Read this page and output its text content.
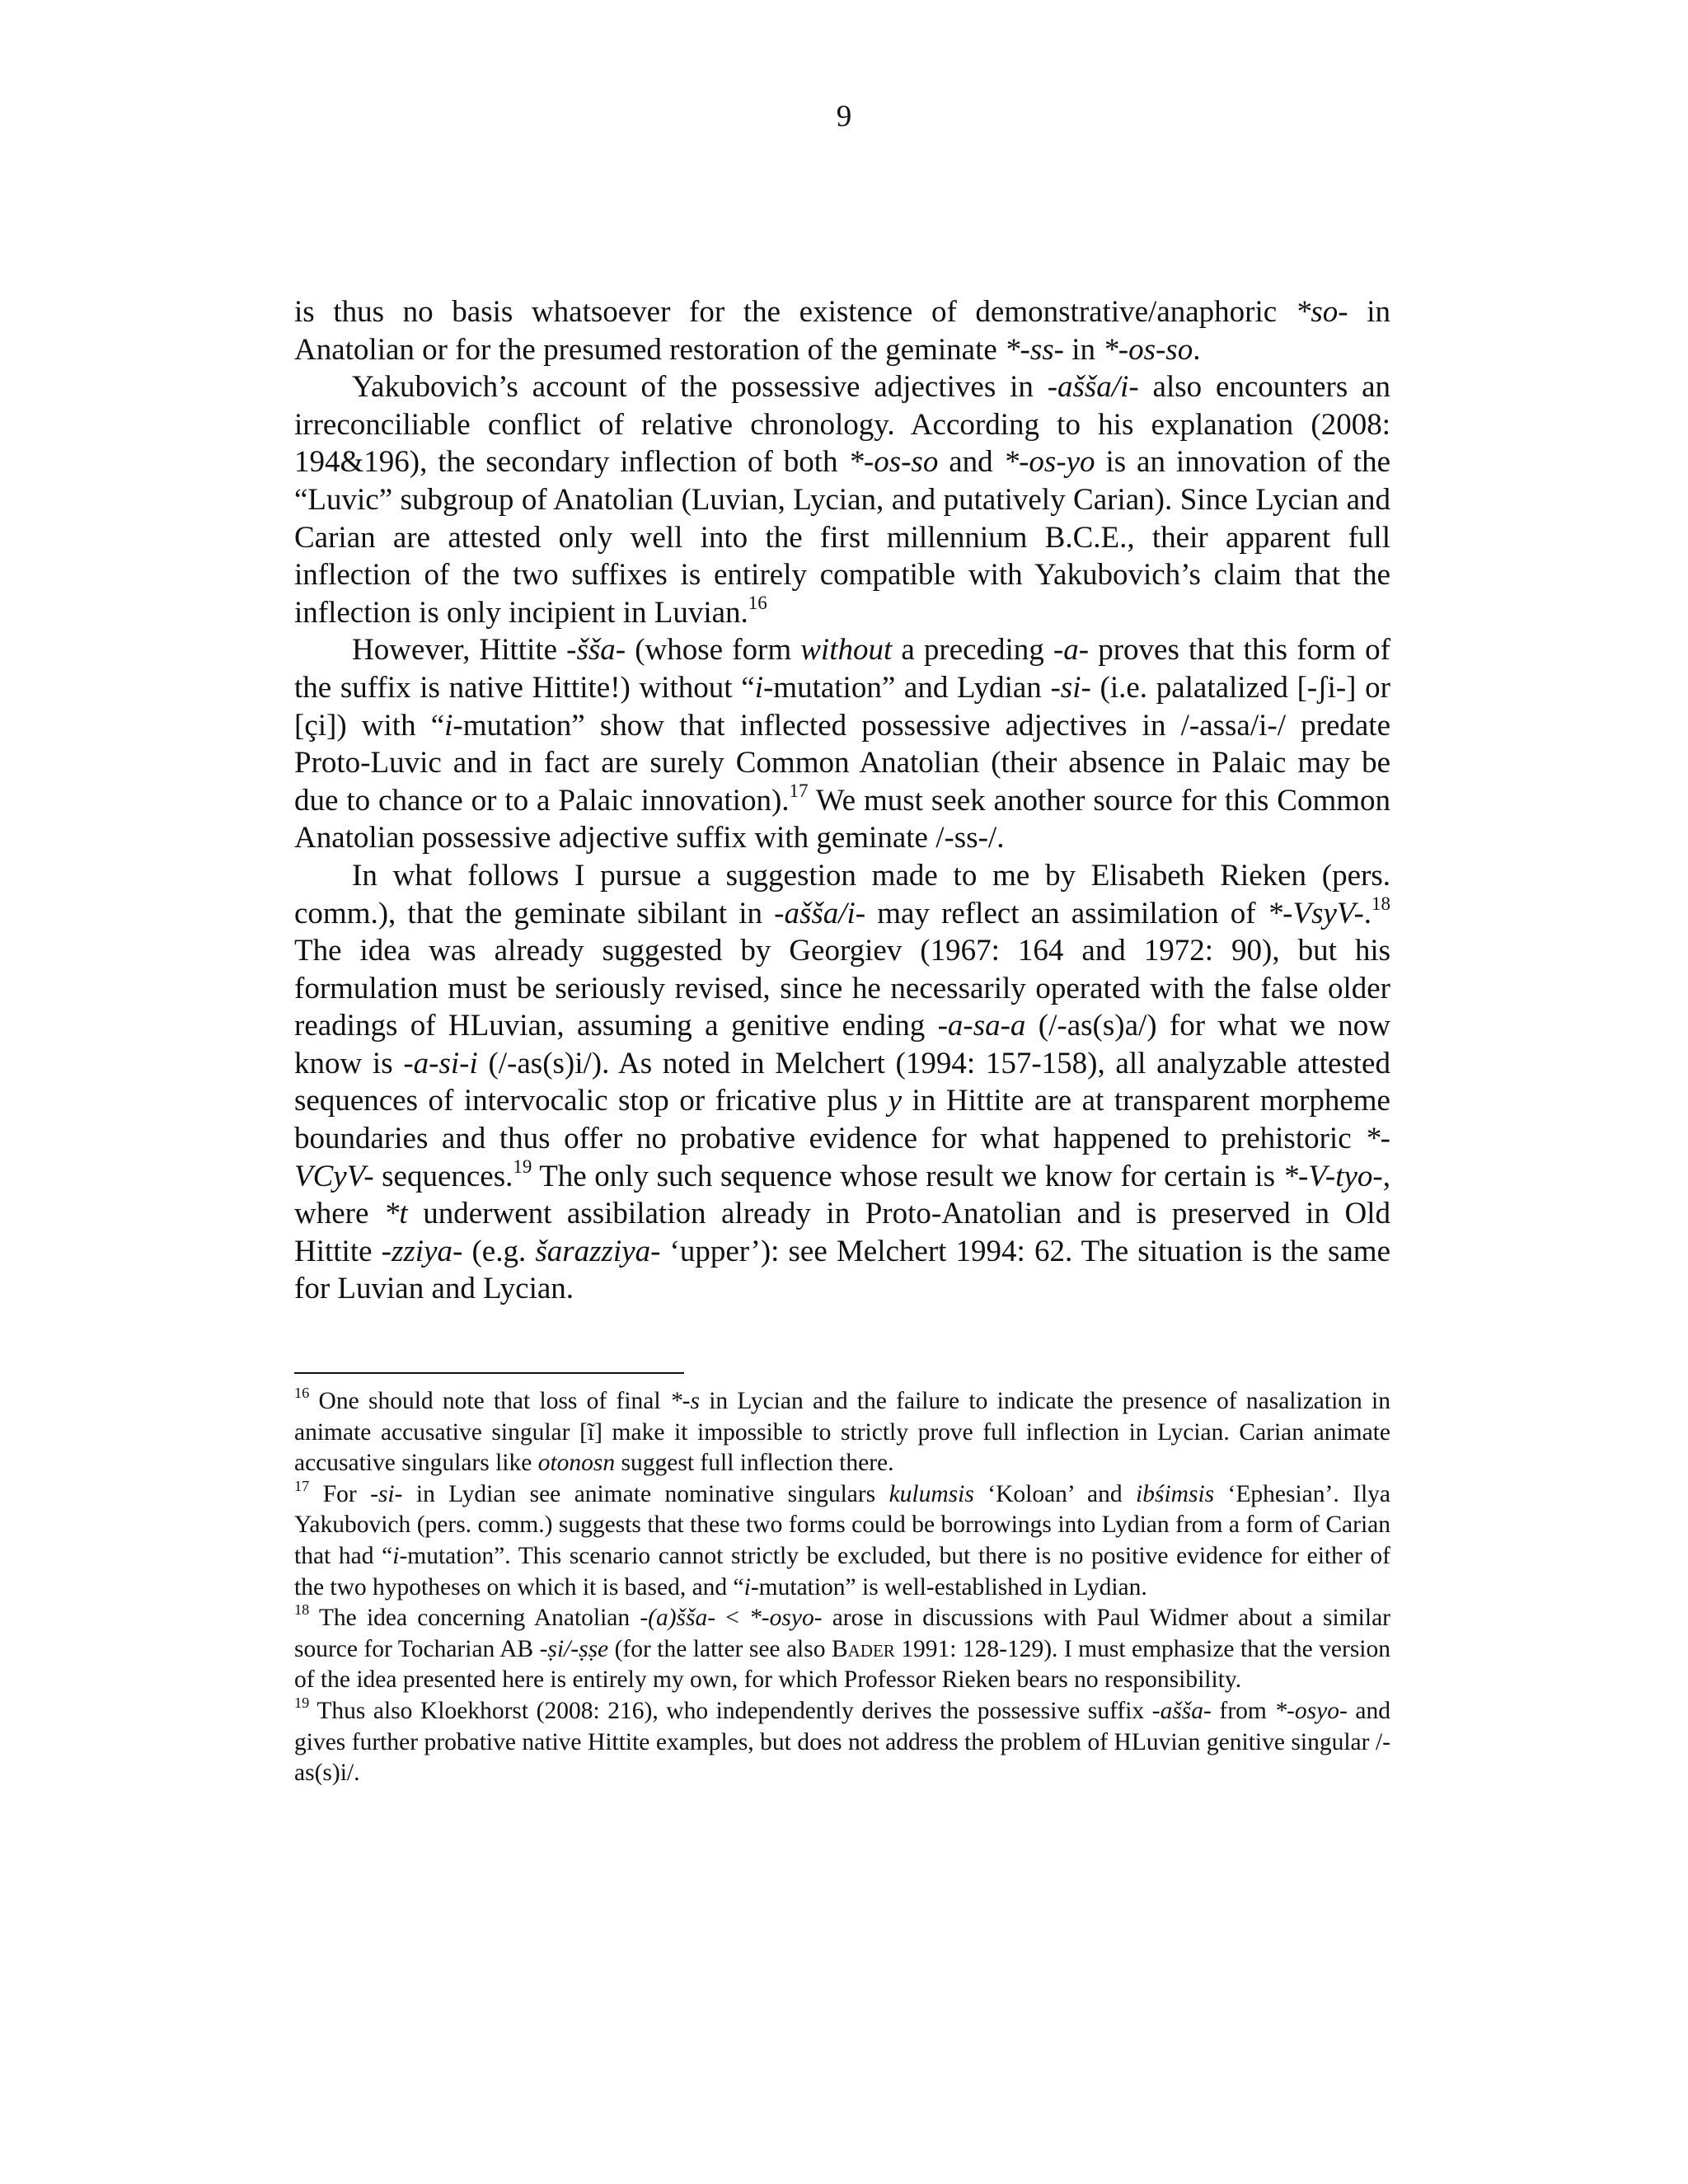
9

is thus no basis whatsoever for the existence of demonstrative/anaphoric *so- in Anatolian or for the presumed restoration of the geminate *-ss- in *-os-so.

Yakubovich’s account of the possessive adjectives in -ašša/i- also encounters an irreconciliable conflict of relative chronology. According to his explanation (2008: 194&196), the secondary inflection of both *-os-so and *-os-yo is an innovation of the “Luvic” subgroup of Anatolian (Luvian, Lycian, and putatively Carian). Since Lycian and Carian are attested only well into the first millennium B.C.E., their apparent full inflection of the two suffixes is entirely compatible with Yakubovich’s claim that the inflection is only incipient in Luvian.$^{16}$

However, Hittite -šša- (whose form without a preceding -a- proves that this form of the suffix is native Hittite!) without “i-mutation” and Lydian -si- (i.e. palatalized [-ʃi-] or [çi]) with “i-mutation” show that inflected possessive adjectives in /-assa/i-/ predate Proto-Luvic and in fact are surely Common Anatolian (their absence in Palaic may be due to chance or to a Palaic innovation).$^{17}$ We must seek another source for this Common Anatolian possessive adjective suffix with geminate /-ss-/.

In what follows I pursue a suggestion made to me by Elisabeth Rieken (pers. comm.), that the geminate sibilant in -ašša/i- may reflect an assimilation of *-VsyV-.$^{18}$ The idea was already suggested by Georgiev (1967: 164 and 1972: 90), but his formulation must be seriously revised, since he necessarily operated with the false older readings of HLuvian, assuming a genitive ending -a-sa-a (/-as(s)a/) for what we now know is -a-si-i (/-as(s)i/). As noted in Melchert (1994: 157-158), all analyzable attested sequences of intervocalic stop or fricative plus y in Hittite are at transparent morpheme boundaries and thus offer no probative evidence for what happened to prehistoric *-VCyV- sequences.$^{19}$ The only such sequence whose result we know for certain is *-V-tyo-, where *t underwent assibilation already in Proto-Anatolian and is preserved in Old Hittite -zziya- (e.g. šarazziya- ‘upper’): see Melchert 1994: 62. The situation is the same for Luvian and Lycian.

$^{16}$ One should note that loss of final *-s in Lycian and the failure to indicate the presence of nasalization in animate accusative singular [ĩ] make it impossible to strictly prove full inflection in Lycian. Carian animate accusative singulars like otonosn suggest full inflection there.

$^{17}$ For -si- in Lydian see animate nominative singulars kulumsis ‘Koloan’ and ibśimsis ‘Ephesian’. Ilya Yakubovich (pers. comm.) suggests that these two forms could be borrowings into Lydian from a form of Carian that had “i-mutation”. This scenario cannot strictly be excluded, but there is no positive evidence for either of the two hypotheses on which it is based, and “i-mutation” is well-established in Lydian.

$^{18}$ The idea concerning Anatolian -(a)šša- < *-osyo- arose in discussions with Paul Widmer about a similar source for Tocharian AB -ṣi/-ṣṣe (for the latter see also Bader 1991: 128-129). I must emphasize that the version of the idea presented here is entirely my own, for which Professor Rieken bears no responsibility.

$^{19}$ Thus also Kloekhorst (2008: 216), who independently derives the possessive suffix -ašša- from *-osyo- and gives further probative native Hittite examples, but does not address the problem of HLuvian genitive singular /-as(s)i/.
